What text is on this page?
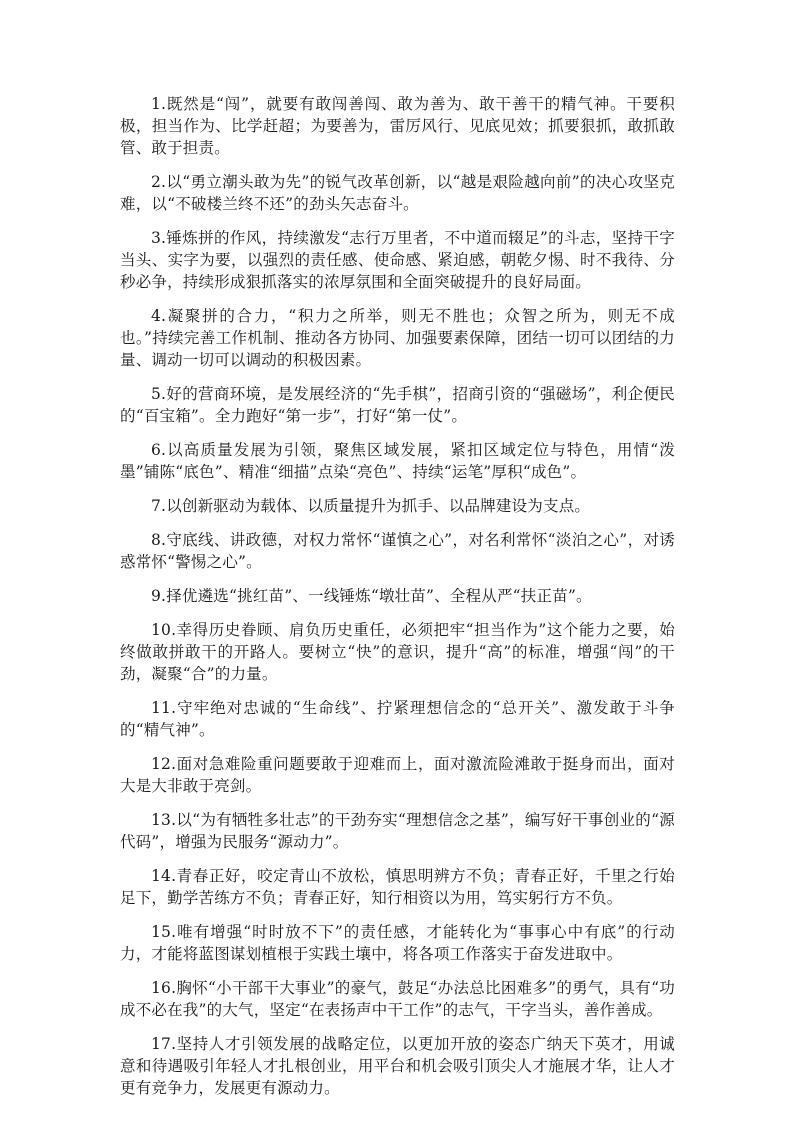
1.既然是“闯”，就要有敢闯善闯、敢为善为、敢干善干的精气神。干要积极，担当作为、比学赶超；为要善为，雷厉风行、见底见效；抓要狠抓，敢抓敢管、敢于担责。

2.以“勇立潮头敢为先”的锐气改革创新，以“越是艰险越向前”的决心攻坚克难，以“不破楼兰终不还”的劲头矢志奋斗。

3.锤炼拼的作风，持续激发“志行万里者，不中道而辍足”的斗志，坚持干字当头、实字为要，以强烈的责任感、使命感、紧迫感，朝乾夕惕、时不我待、分秒必争，持续形成狠抓落实的浓厚氛围和全面突破提升的良好局面。

4.凝聚拼的合力，“积力之所举，则无不胜也；众智之所为，则无不成也。”持续完善工作机制、推动各方协同、加强要素保障，团结一切可以团结的力量、调动一切可以调动的积极因素。

5.好的营商环境，是发展经济的“先手棋”，招商引资的“强磁场”，利企便民的“百宝箱”。全力跑好“第一步”，打好“第一仗”。

6.以高质量发展为引领，聚焦区域发展，紧扣区域定位与特色，用情“泼墨”铺陈“底色”、精准“细描”点染“亮色”、持续“运笔”厚积“成色”。

7.以创新驱动为载体、以质量提升为抓手、以品牌建设为支点。

8.守底线、讲政德，对权力常怀“谨慎之心”，对名利常怀“淡泊之心”，对诱惑常怀“警惕之心”。

9.择优遴选“挑红苗”、一线锤炼“墩壮苗”、全程从严“扶正苗”。

10.幸得历史眷顾、肩负历史重任，必须把牢“担当作为”这个能力之要，始终做敢拼敢干的开路人。要树立“快”的意识，提升“高”的标准，增强“闯”的干劲，凝聚“合”的力量。

11.守牢绝对忠诚的“生命线”、拧紧理想信念的“总开关”、激发敢于斗争的“精气神”。

12.面对急难险重问题要敢于迎难而上，面对激流险滩敢于挺身而出，面对大是大非敢于亮剑。

13.以“为有牺牲多壮志”的干劲夯实“理想信念之基”，编写好干事创业的“源代码”，增强为民服务“源动力”。

14.青春正好，咬定青山不放松，慎思明辨方不负；青春正好，千里之行始足下，勤学苦练方不负；青春正好，知行相资以为用，笃实躬行方不负。

15.唯有增强“时时放不下”的责任感，才能转化为“事事心中有底”的行动力，才能将蓝图谋划植根于实践土壤中，将各项工作落实于奋发进取中。

16.胸怀“小干部干大事业”的豪气，鼓足“办法总比困难多”的勇气，具有“功成不必在我”的大气，坚定“在表扬声中干工作”的志气，干字当头，善作善成。

17.坚持人才引领发展的战略定位，以更加开放的姿态广纳天下英才，用诚意和待遇吸引年轻人才扎根创业，用平台和机会吸引顶尖人才施展才华，让人才更有竞争力，发展更有源动力。
